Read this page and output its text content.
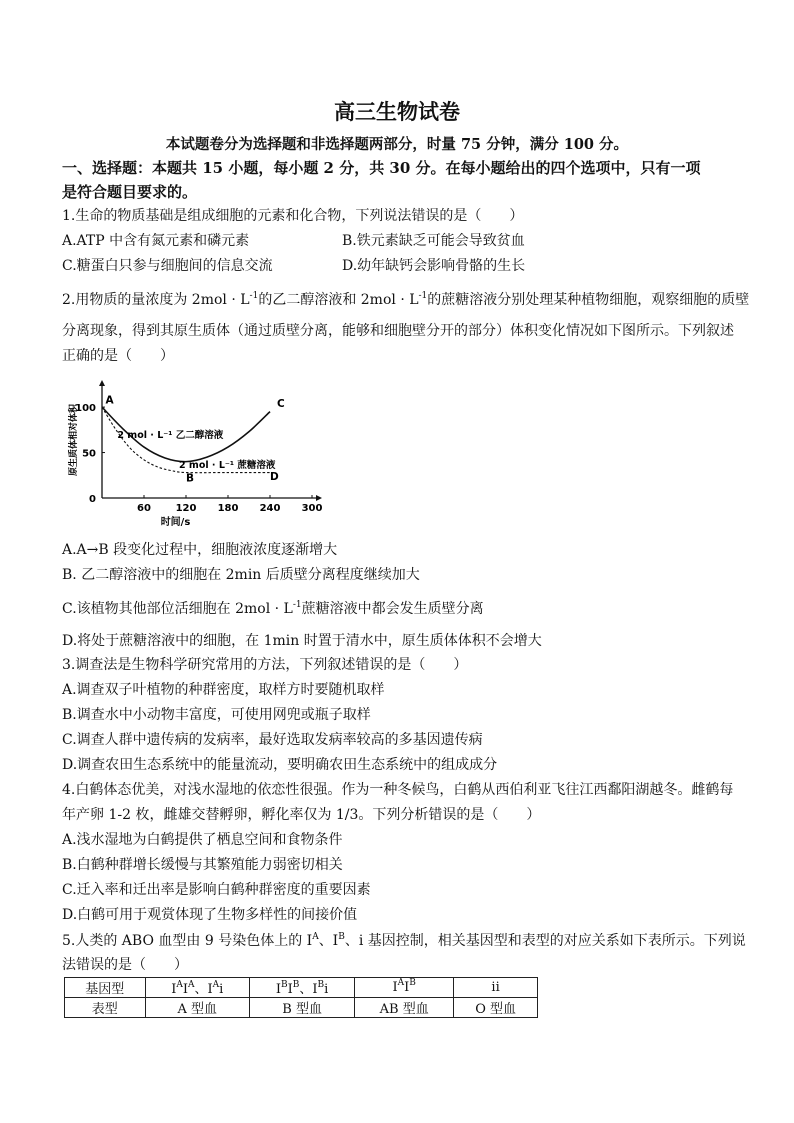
高三生物试卷
本试题卷分为选择题和非选择题两部分，时量 75 分钟，满分 100 分。
一、选择题：本题共 15 小题，每小题 2 分，共 30 分。在每小题给出的四个选项中，只有一项
是符合题目要求的。
1.生命的物质基础是组成细胞的元素和化合物，下列说法错误的是（　　）
A.ATP 中含有氮元素和磷元素	B.铁元素缺乏可能会导致贫血
C.糖蛋白只参与细胞间的信息交流	D.幼年缺钙会影响骨骼的生长
2.用物质的量浓度为 $2mol \cdot L^{-1}$的乙二醇溶液和 $2mol \cdot L^{-1}$的蔗糖溶液分别处理某种植物细胞，观察细胞的质壁
分离现象，得到其原生质体（通过质壁分离，能够和细胞壁分开的部分）体积变化情况如下图所示。下列叙述
正确的是（　　）
60 120 180 240 300
0
50
100
原生质体相对体积
时间/s
2 mol · L⁻¹ 乙二醇溶液
2 mol · L⁻¹ 蔗糖溶液
A
B
C
D
A.A→B 段变化过程中，细胞液浓度逐渐增大
B. 乙二醇溶液中的细胞在 2min 后质壁分离程度继续加大
C.该植物其他部位活细胞在 $2mol \cdot L^{-1}$蔗糖溶液中都会发生质壁分离
D.将处于蔗糖溶液中的细胞，在 1min 时置于清水中，原生质体体积不会增大
3.调查法是生物科学研究常用的方法，下列叙述错误的是（　　）
A.调查双子叶植物的种群密度，取样方时要随机取样
B.调查水中小动物丰富度，可使用网兜或瓶子取样
C.调查人群中遗传病的发病率，最好选取发病率较高的多基因遗传病
D.调查农田生态系统中的能量流动，要明确农田生态系统中的组成成分
4.白鹤体态优美，对浅水湿地的依恋性很强。作为一种冬候鸟，白鹤从西伯利亚飞往江西鄱阳湖越冬。雌鹤每
年产卵 1-2 枚，雌雄交替孵卵，孵化率仅为 1/3。下列分析错误的是（　　）
A.浅水湿地为白鹤提供了栖息空间和食物条件
B.白鹤种群增长缓慢与其繁殖能力弱密切相关
C.迁入率和迁出率是影响白鹤种群密度的重要因素
D.白鹤可用于观赏体现了生物多样性的间接价值
5.人类的 ABO 血型由 9 号染色体上的 $I^A$、$I^B$、i 基因控制，相关基因型和表型的对应关系如下表所示。下列说
法错误的是（　　）
基因型	$I^AI^A$、$I^Ai$	$I^BI^B$、$I^Bi$	$I^AI^B$	ii
表型	A 型血	B 型血	AB 型血	O 型血
